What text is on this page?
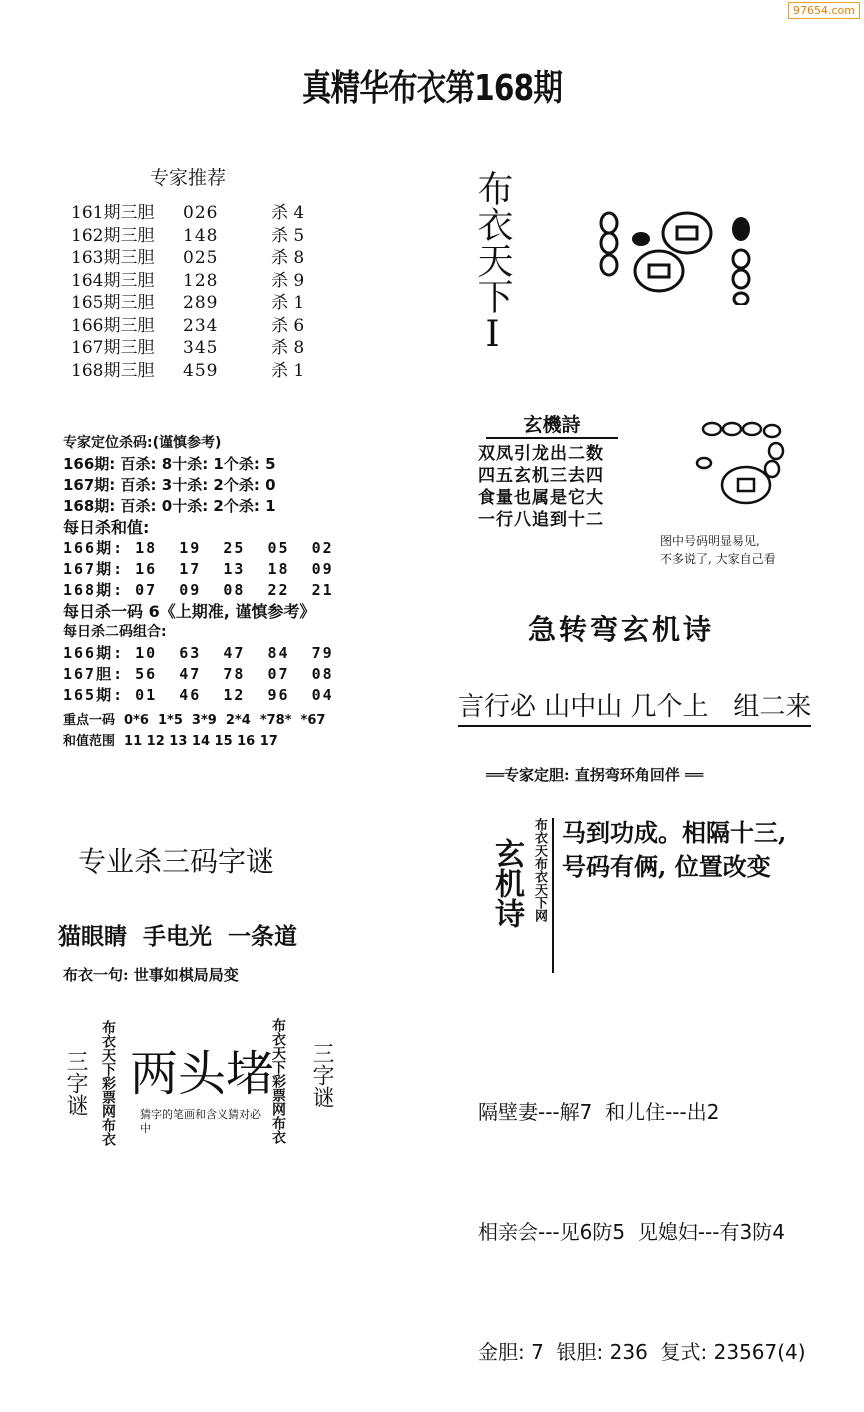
97654.com
真精华布衣第168期
专家推荐
161期三胆	026	杀 4
162期三胆	148	杀 5
163期三胆	025	杀 8
164期三胆	128	杀 9
165期三胆	289	杀 1
166期三胆	234	杀 6
167期三胆	345	杀 8
168期三胆	459	杀 1
专家定位杀码:(谨慎参考)
166期: 百杀: 8十杀: 1个杀: 5
167期: 百杀: 3十杀: 2个杀: 0
168期: 百杀: 0十杀: 2个杀: 1
每日杀和值:
166期: 18  19  25  05  02
167期: 16  17  13  18  09
168期: 07  09  08  22  21
每日杀一码 6《上期准, 谨慎参考》
每日杀二码组合:
166期: 10  63  47  84  79
167胆: 56  47  78  07  08
165期: 01  46  12  96  04
重点一码  0*6  1*5  3*9  2*4  *78*  *67
和值范围  11 12 13 14 15 16 17
专业杀三码字谜
猫眼睛  手电光  一条道
布衣一句: 世事如棋局局变
三字谜 布衣天下彩票网布衣 两头堵
猜字的笔画和含义猜对必中	布衣天下彩票网布衣 三字谜
布衣天下I
玄機詩
双凤引龙出二数
四五玄机三去四
食量也属是它大
一行八追到十二
图中号码明显易见,
不多说了, 大家自己看
急转弯玄机诗
言行必 山中山 几个上   组二来
══专家定胆: 直拐弯环角回伴 ══
玄机诗 布衣天布衣天下网 马到功成。相隔十三,
号码有俩, 位置改变

隔壁妻---解7  和儿住---出2

相亲会---见6防5  见媳妇---有3防4

金胆: 7  银胆: 236  复式: 23567(4)
